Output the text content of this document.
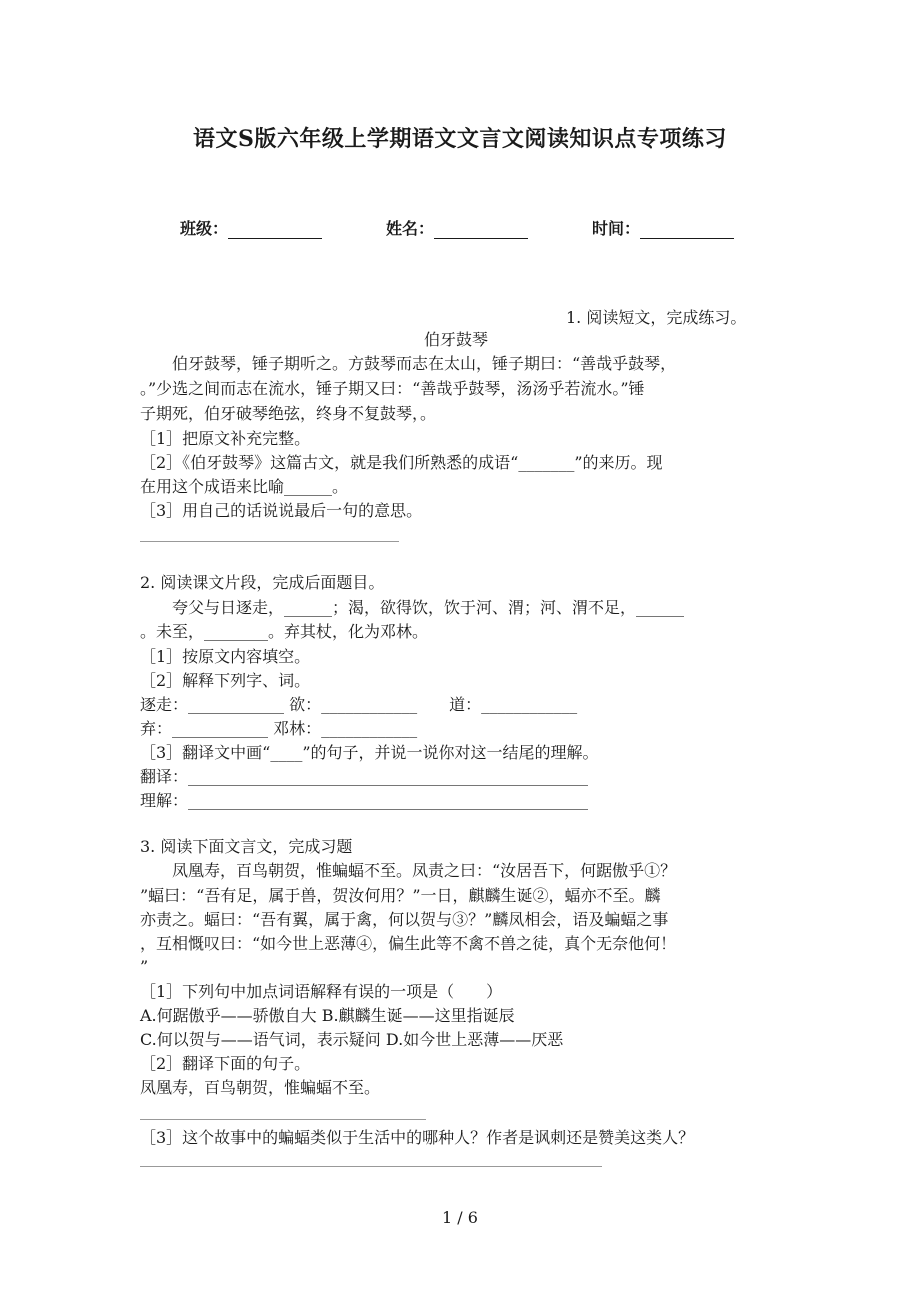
语文S版六年级上学期语文文言文阅读知识点专项练习
班级：	姓名：	时间：
1. 阅读短文，完成练习。
伯牙鼓琴
　　伯牙鼓琴，锤子期听之。方鼓琴而志在太山，锤子期曰：“善哉乎鼓琴，
。”少选之间而志在流水，锤子期又曰：“善哉乎鼓琴，汤汤乎若流水。”锤
子期死，伯牙破琴绝弦，终身不复鼓琴，。
［1］把原文补充完整。
［2］《伯牙鼓琴》这篇古文，就是我们所熟悉的成语“_______”的来历。现
在用这个成语来比喻______。
［3］用自己的话说说最后一句的意思。
2. 阅读课文片段，完成后面题目。
　　夸父与日逐走，______；渴，欲得饮，饮于河、渭；河、渭不足，______
。未至，________。弃其杖，化为邓林。
［1］按原文内容填空。
［2］解释下列字、词。
逐走：____________ 欲：____________　　道：____________
弃：____________ 邓林：____________
［3］翻译文中画“____”的句子，并说一说你对这一结尾的理解。
翻译：__________________________________________________
理解：__________________________________________________
3. 阅读下面文言文，完成习题
　　凤凰寿，百鸟朝贺，惟蝙蝠不至。凤责之曰：“汝居吾下，何踞傲乎①？
”蝠曰：“吾有足，属于兽，贺汝何用？”一日，麒麟生诞②，蝠亦不至。麟
亦责之。蝠曰：“吾有翼，属于禽，何以贺与③？”麟凤相会，语及蝙蝠之事
，互相慨叹曰：“如今世上恶薄④，偏生此等不禽不兽之徒，真个无奈他何！
”
［1］下列句中加点词语解释有误的一项是（　　）
A.何踞傲乎——骄傲自大 B.麒麟生诞——这里指诞辰
C.何以贺与——语气词，表示疑问 D.如今世上恶薄——厌恶
［2］翻译下面的句子。
凤凰寿，百鸟朝贺，惟蝙蝠不至。
［3］这个故事中的蝙蝠类似于生活中的哪种人？作者是讽刺还是赞美这类人？
1 / 6
